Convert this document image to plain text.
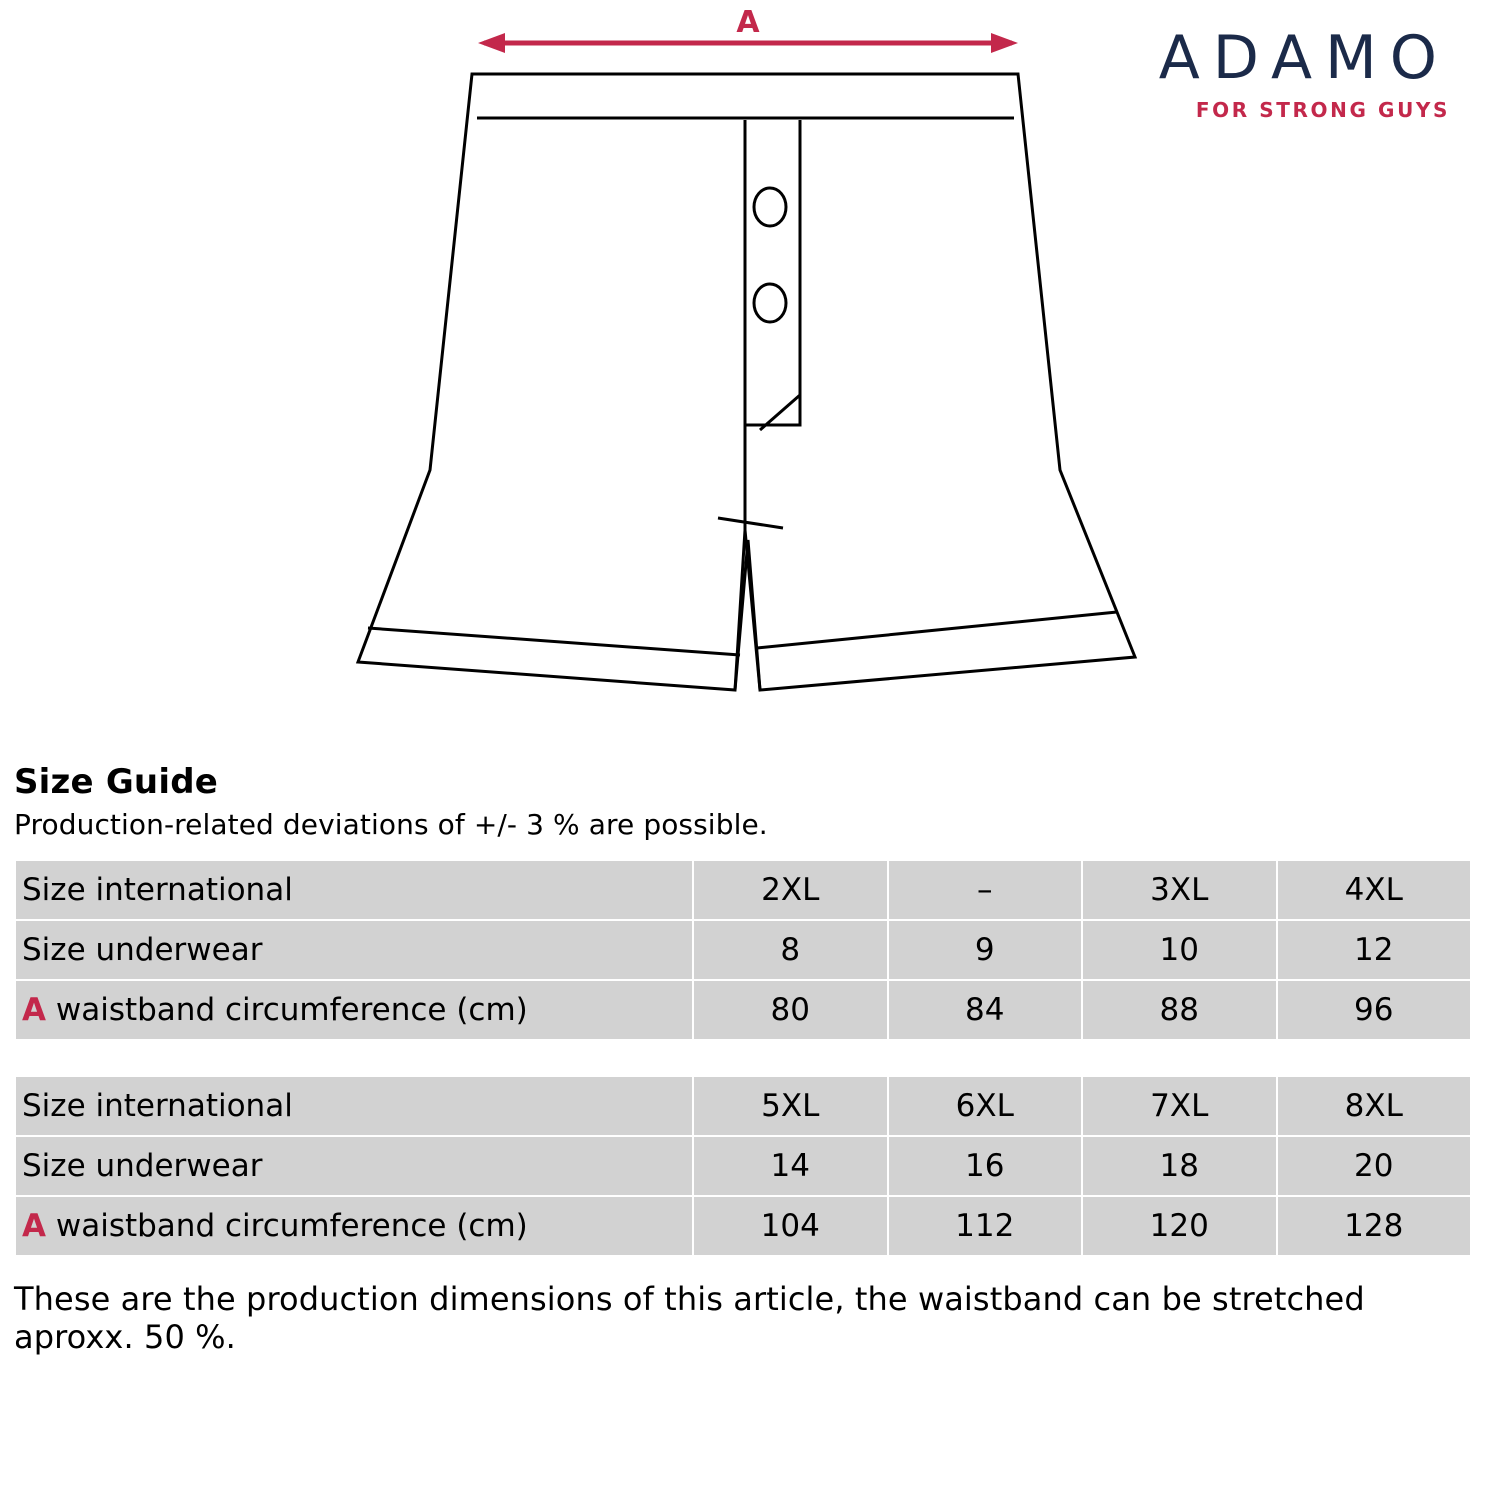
A
ADAMO
FOR STRONG GUYS
Size Guide

Production-related deviations of +/- 3 % are possible.

Size international	2XL	–	3XL	4XL
Size underwear	8	9	10	12
A waistband circumference (cm)	80	84	88	96
Size international	5XL	6XL	7XL	8XL
Size underwear	14	16	18	20
A waistband circumference (cm)	104	112	120	128

These are the production dimensions of this article, the waistband can be stretched aproxx. 50 %.
